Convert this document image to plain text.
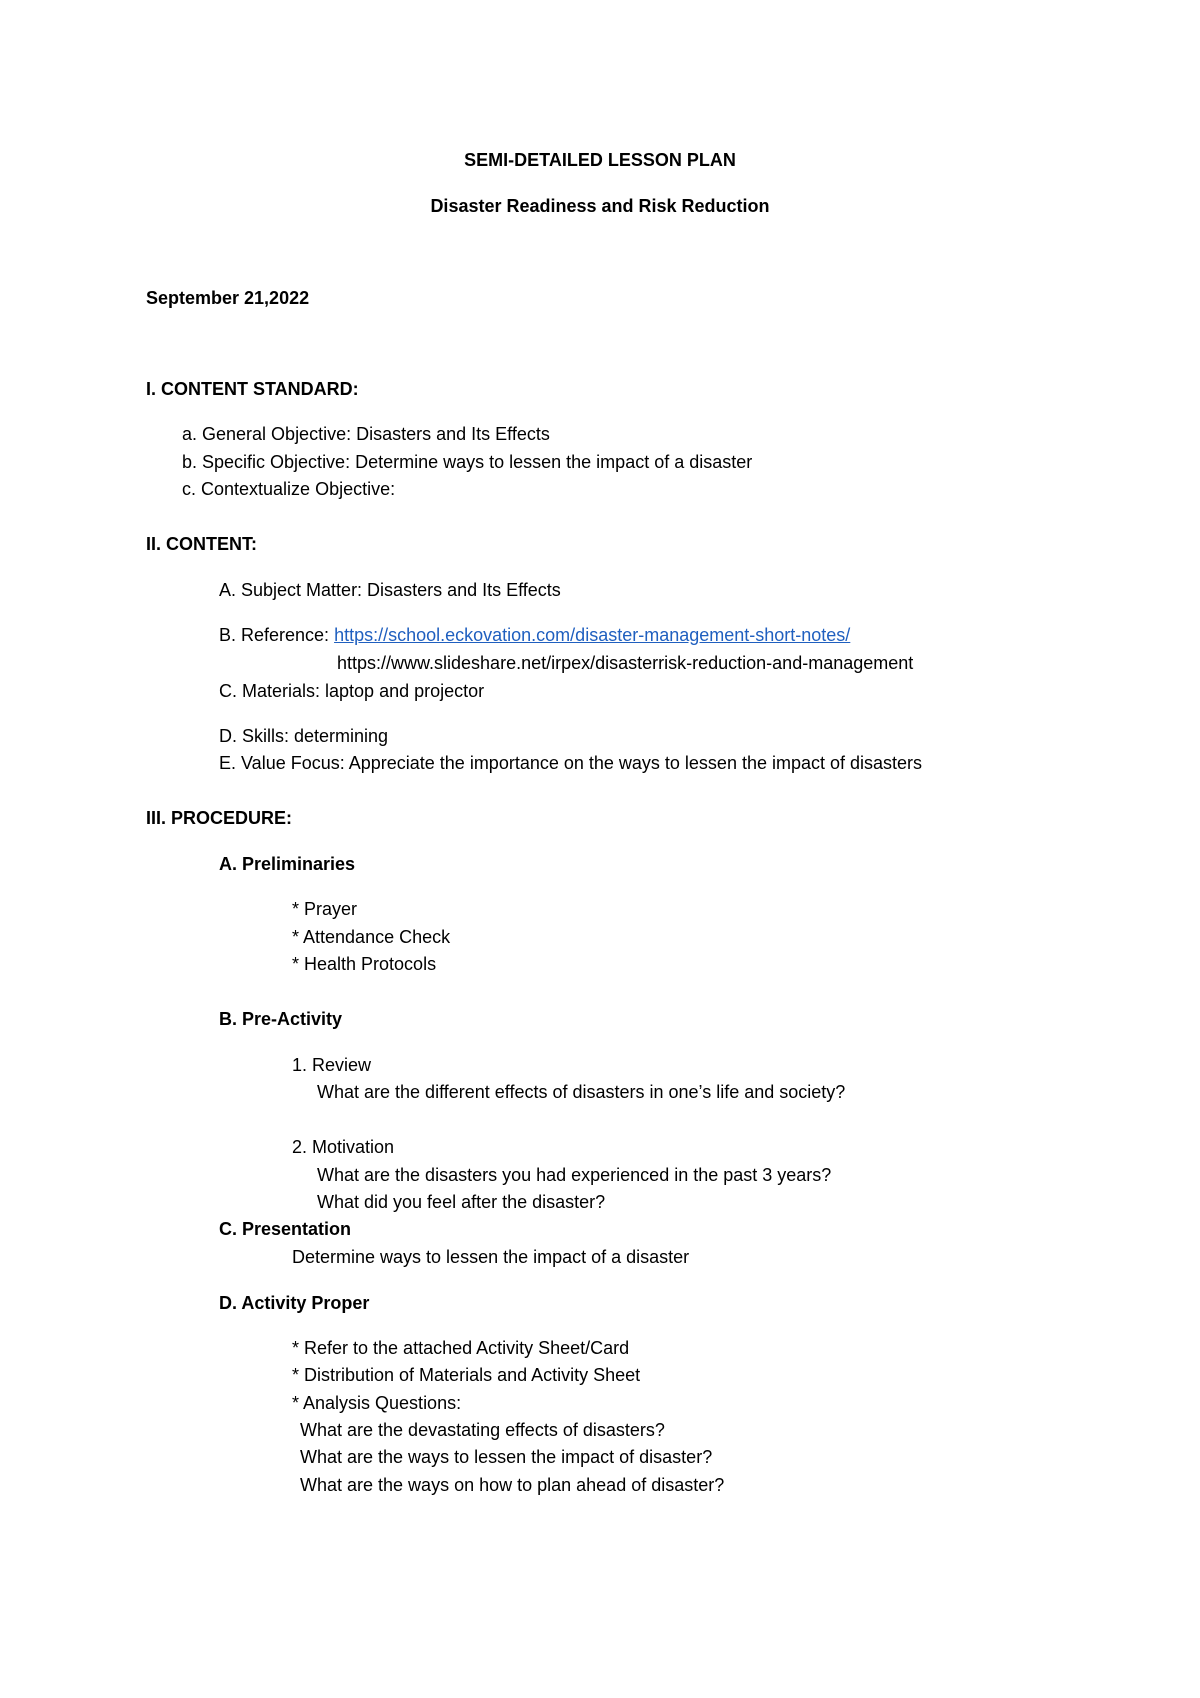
SEMI-DETAILED LESSON PLAN
Disaster Readiness and Risk Reduction
September 21,2022
I. CONTENT STANDARD:
a. General Objective: Disasters and Its Effects
b. Specific Objective: Determine ways to lessen the impact of a disaster
c. Contextualize Objective:
II. CONTENT:
A. Subject Matter: Disasters and Its Effects
B. Reference: https://school.eckovation.com/disaster-management-short-notes/
https://www.slideshare.net/irpex/disasterrisk-reduction-and-management
C. Materials: laptop and projector
D. Skills: determining
E. Value Focus: Appreciate the importance on the ways to lessen the impact of disasters
III. PROCEDURE:
A. Preliminaries
* Prayer
* Attendance Check
* Health Protocols
B. Pre-Activity
1. Review
What are the different effects of disasters in one’s life and society?
2. Motivation
What are the disasters you had experienced in the past 3 years?
What did you feel after the disaster?
C. Presentation
Determine ways to lessen the impact of a disaster
D. Activity Proper
* Refer to the attached Activity Sheet/Card
* Distribution of Materials and Activity Sheet
* Analysis Questions:
What are the devastating effects of disasters?
What are the ways to lessen the impact of disaster?
What are the ways on how to plan ahead of disaster?
